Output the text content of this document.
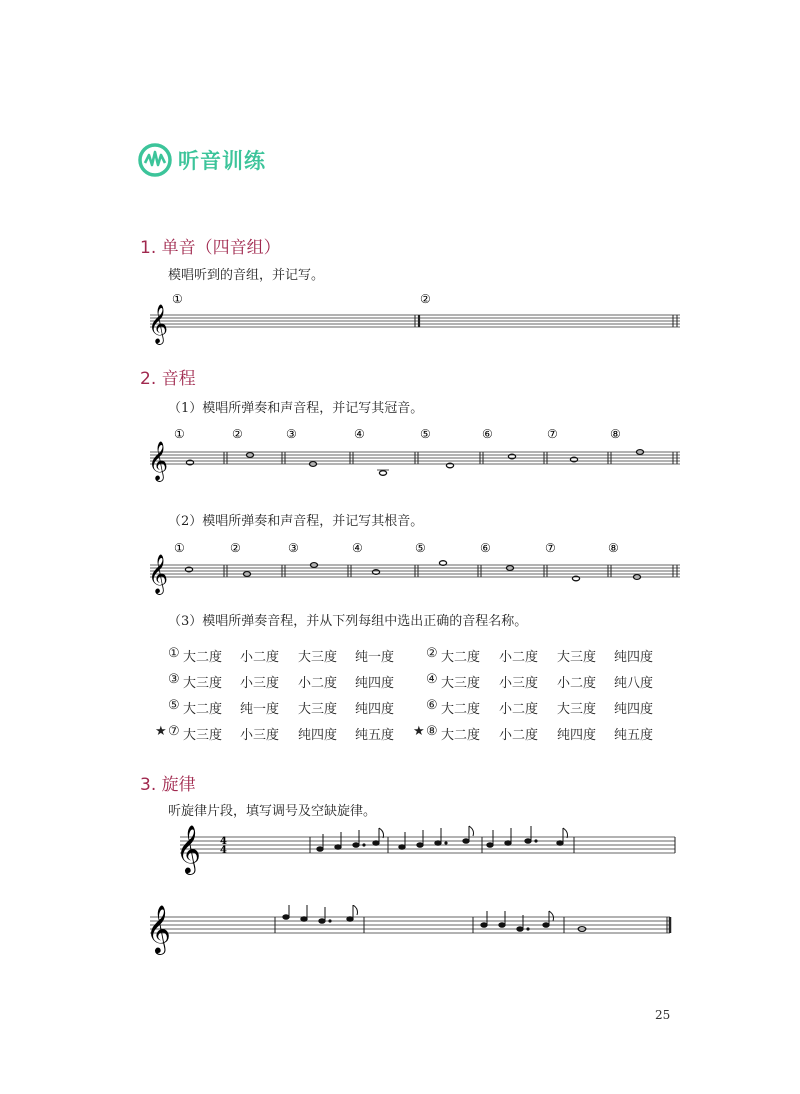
听音训练
1. 单音（四音组）
模唱听到的音组，并记写。
𝄞
①	②
2. 音程
（1）模唱所弹奏和声音程，并记写其冠音。
𝄞
①	②	③	④	⑤	⑥	⑦	⑧
（2）模唱所弹奏和声音程，并记写其根音。
𝄞
①	②	③	④	⑤	⑥	⑦	⑧
（3）模唱所弹奏音程，并从下列每组中选出正确的音程名称。
① 大二度 小二度 大三度 纯一度 ② 大二度 小二度 大三度 纯四度
③ 大三度 小三度 小二度 纯四度 ④ 大三度 小三度 小二度 纯八度
⑤ 大二度 纯一度 大三度 纯四度 ⑥ 大二度 小二度 大三度 纯四度
★ ⑦ 大三度 小三度 纯四度 纯五度 ★ ⑧ 大二度 小二度 纯四度 纯五度
3. 旋律
听旋律片段，填写调号及空缺旋律。
𝄞 4
4
𝄞
25
